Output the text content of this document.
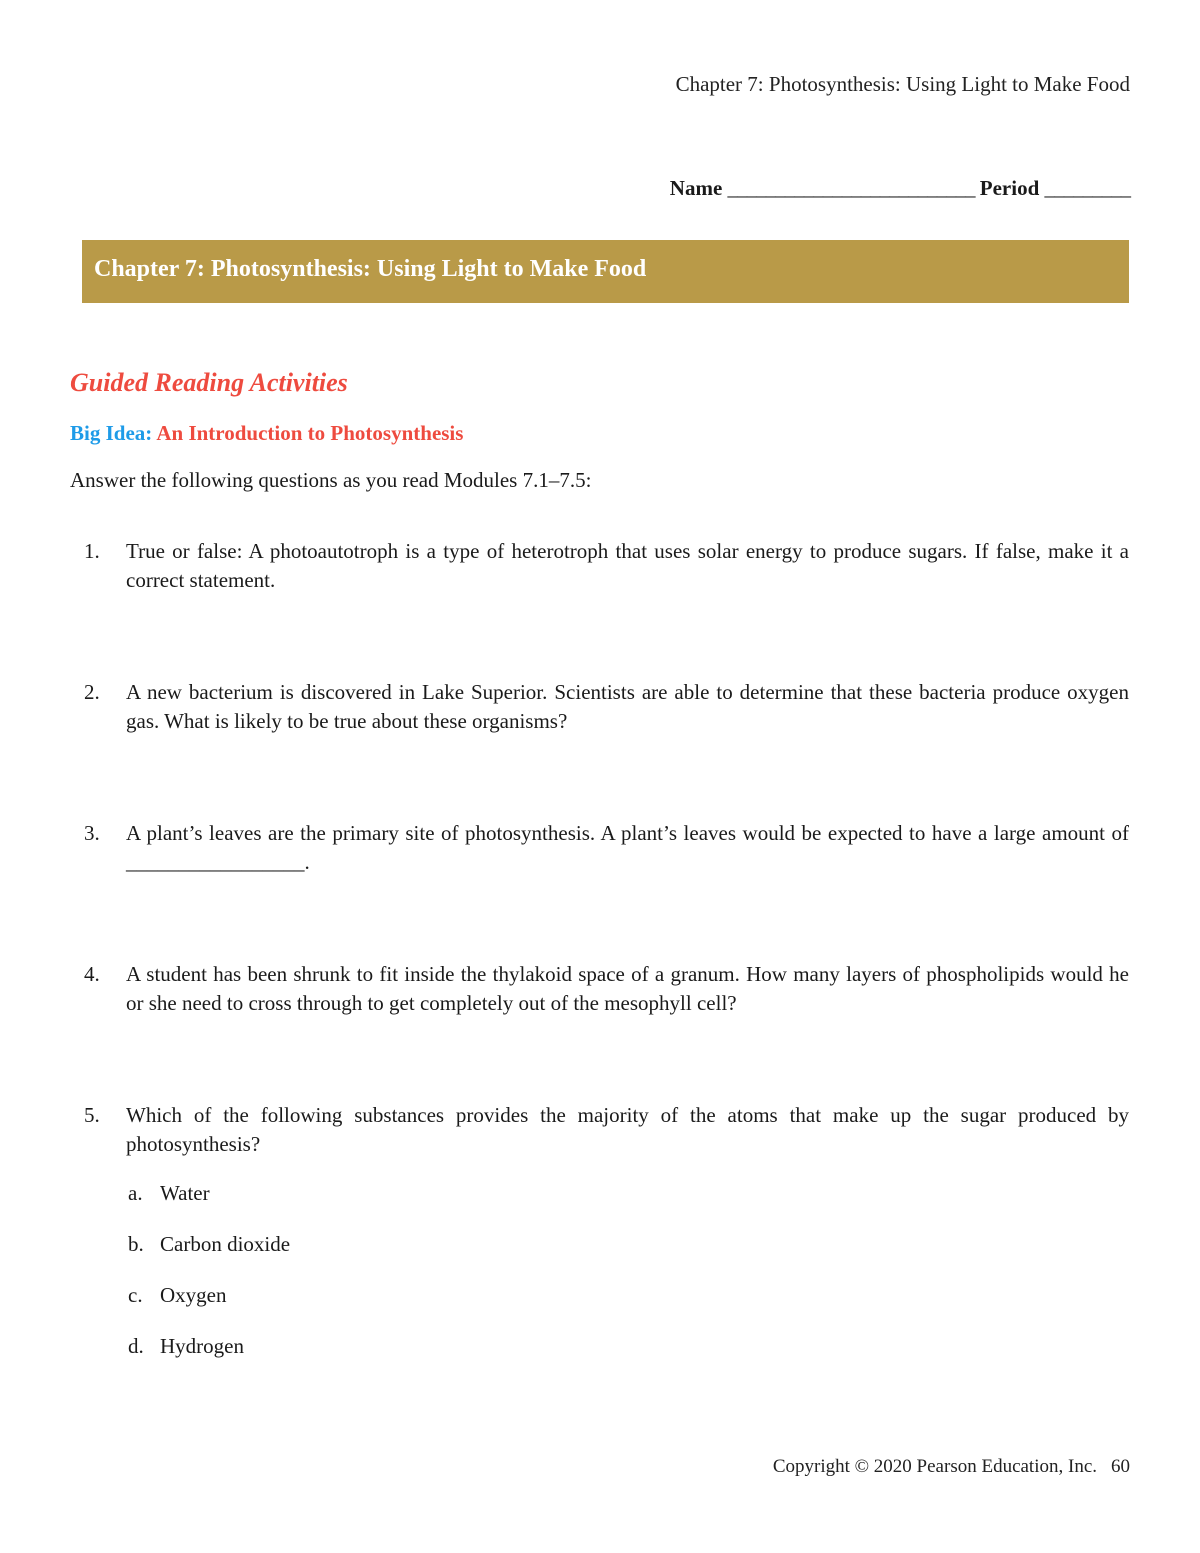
Chapter 7: Photosynthesis: Using Light to Make Food
Name __________________________ Period _________
Chapter 7: Photosynthesis: Using Light to Make Food
Guided Reading Activities
Big Idea: An Introduction to Photosynthesis
Answer the following questions as you read Modules 7.1–7.5:
1. True or false: A photoautotroph is a type of heterotroph that uses solar energy to produce sugars. If false, make it a correct statement.
2. A new bacterium is discovered in Lake Superior. Scientists are able to determine that these bacteria produce oxygen gas. What is likely to be true about these organisms?
3. A plant’s leaves are the primary site of photosynthesis. A plant’s leaves would be expected to have a large amount of _________________.
4. A student has been shrunk to fit inside the thylakoid space of a granum. How many layers of phospholipids would he or she need to cross through to get completely out of the mesophyll cell?
5. Which of the following substances provides the majority of the atoms that make up the sugar produced by photosynthesis?
a. Water
b. Carbon dioxide
c. Oxygen
d. Hydrogen
Copyright © 2020 Pearson Education, Inc. 60
